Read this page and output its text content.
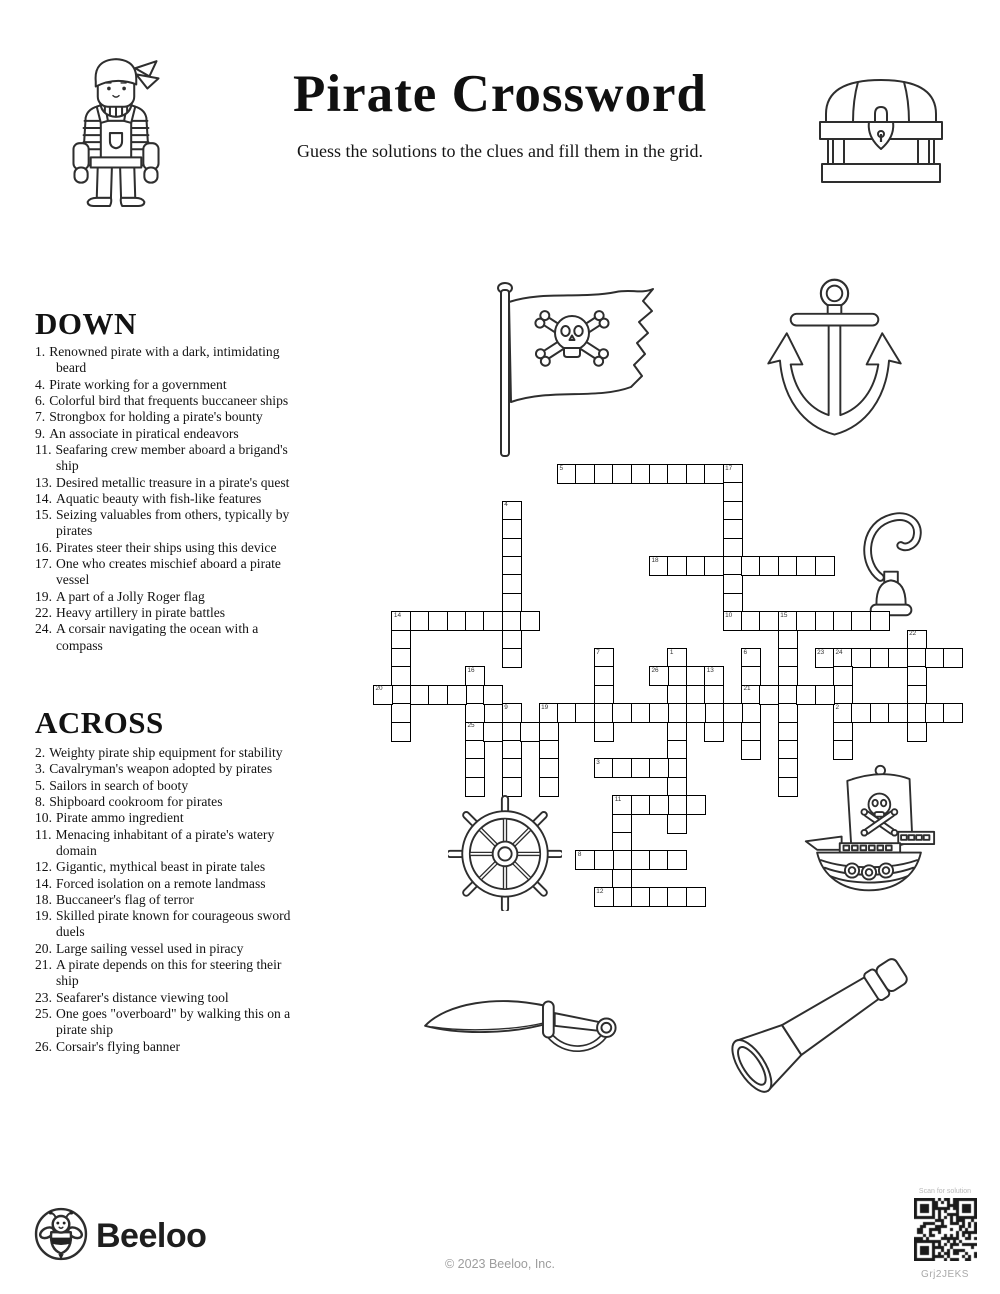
Pirate Crossword
Guess the solutions to the clues and fill them in the grid.
DOWN
1. Renowned pirate with a dark, intimidating beard
4. Pirate working for a government
6. Colorful bird that frequents buccaneer ships
7. Strongbox for holding a pirate's bounty
9. An associate in piratical endeavors
11. Seafaring crew member aboard a brigand's ship
13. Desired metallic treasure in a pirate's quest
14. Aquatic beauty with fish-like features
15. Seizing valuables from others, typically by pirates
16. Pirates steer their ships using this device
17. One who creates mischief aboard a pirate vessel
19. A part of a Jolly Roger flag
22. Heavy artillery in pirate battles
24. A corsair navigating the ocean with a compass
ACROSS
2. Weighty pirate ship equipment for stability
3. Cavalryman's weapon adopted by pirates
5. Sailors in search of booty
8. Shipboard cookroom for pirates
10. Pirate ammo ingredient
11. Menacing inhabitant of a pirate's watery domain
12. Gigantic, mythical beast in pirate tales
14. Forced isolation on a remote landmass
18. Buccaneer's flag of terror
19. Skilled pirate known for courageous sword duels
20. Large sailing vessel used in piracy
21. A pirate depends on this for steering their ship
23. Seafarer's distance viewing tool
25. One goes "overboard" by walking this on a pirate ship
26. Corsair's flying banner
5	17
10
4
18
14	15
22
23 24
7	1	6
21
2
26	13
16
25
20
19
9
3
11
8
12
Beeloo
© 2023 Beeloo, Inc.
Scan for solution
Grj2JEKS
